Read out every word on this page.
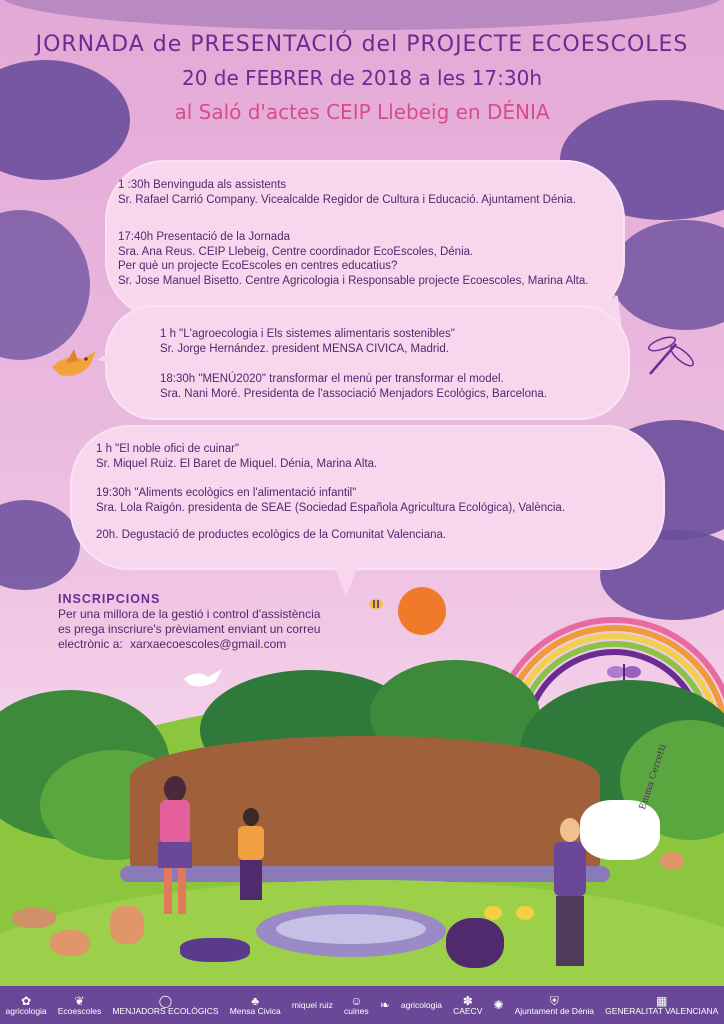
JORNADA de PRESENTACIÓ del PROJECTE ECOESCOLES
20 de FEBRER de 2018 a les 17:30h
al Saló d'actes CEIP Llebeig en DÉNIA
1 :30h Benvinguda als assistents
Sr. Rafael Carrió Company. Vicealcalde Regidor de Cultura i Educació. Ajuntament Dénia.
17:40h Presentació de la Jornada
Sra. Ana Reus. CEIP Llebeig, Centre coordinador EcoEscoles, Dénia.
Per què un projecte EcoEscoles en centres educatius?
Sr. Jose Manuel Bisetto. Centre Agricologia i Responsable projecte Ecoescoles, Marina Alta.
1 h "L'agroecologia i Els sistemes alimentaris sostenibles"
Sr. Jorge Hernández. president MENSA CIVICA, Madrid.
18:30h "MENÚ2020" transformar el menú per transformar el model.
Sra. Nani Moré. Presidenta de l'associació Menjadors Ecològics, Barcelona.
1 h "El noble ofici de cuinar"
Sr. Miquel Ruiz. El Baret de Miquel. Dénia, Marina Alta.
19:30h "Aliments ecològics en l'alimentació infantil"
Sra. Lola Raigón. presidenta de SEAE (Sociedad Española Agricultura Ecológica), València.
20h. Degustació de productes ecològics de la Comunitat Valenciana.
INSCRIPCIONS
Per una millora de la gestió i control d'assistència
es prega inscriure's prèviament enviant un correu
electrònic a: xarxaecoescoles@gmail.com
Emma Cerretti
✿
agricologia
❦
Ecoescoles
◯
MENJADORS ECOLÒGICS
♣
Mensa Civica
miquel ruiz	☺
cuines ❧ agricologia	✽
CAECV ✺	⛨
Ajuntament de Dénia
▦
GENERALITAT VALENCIANA
